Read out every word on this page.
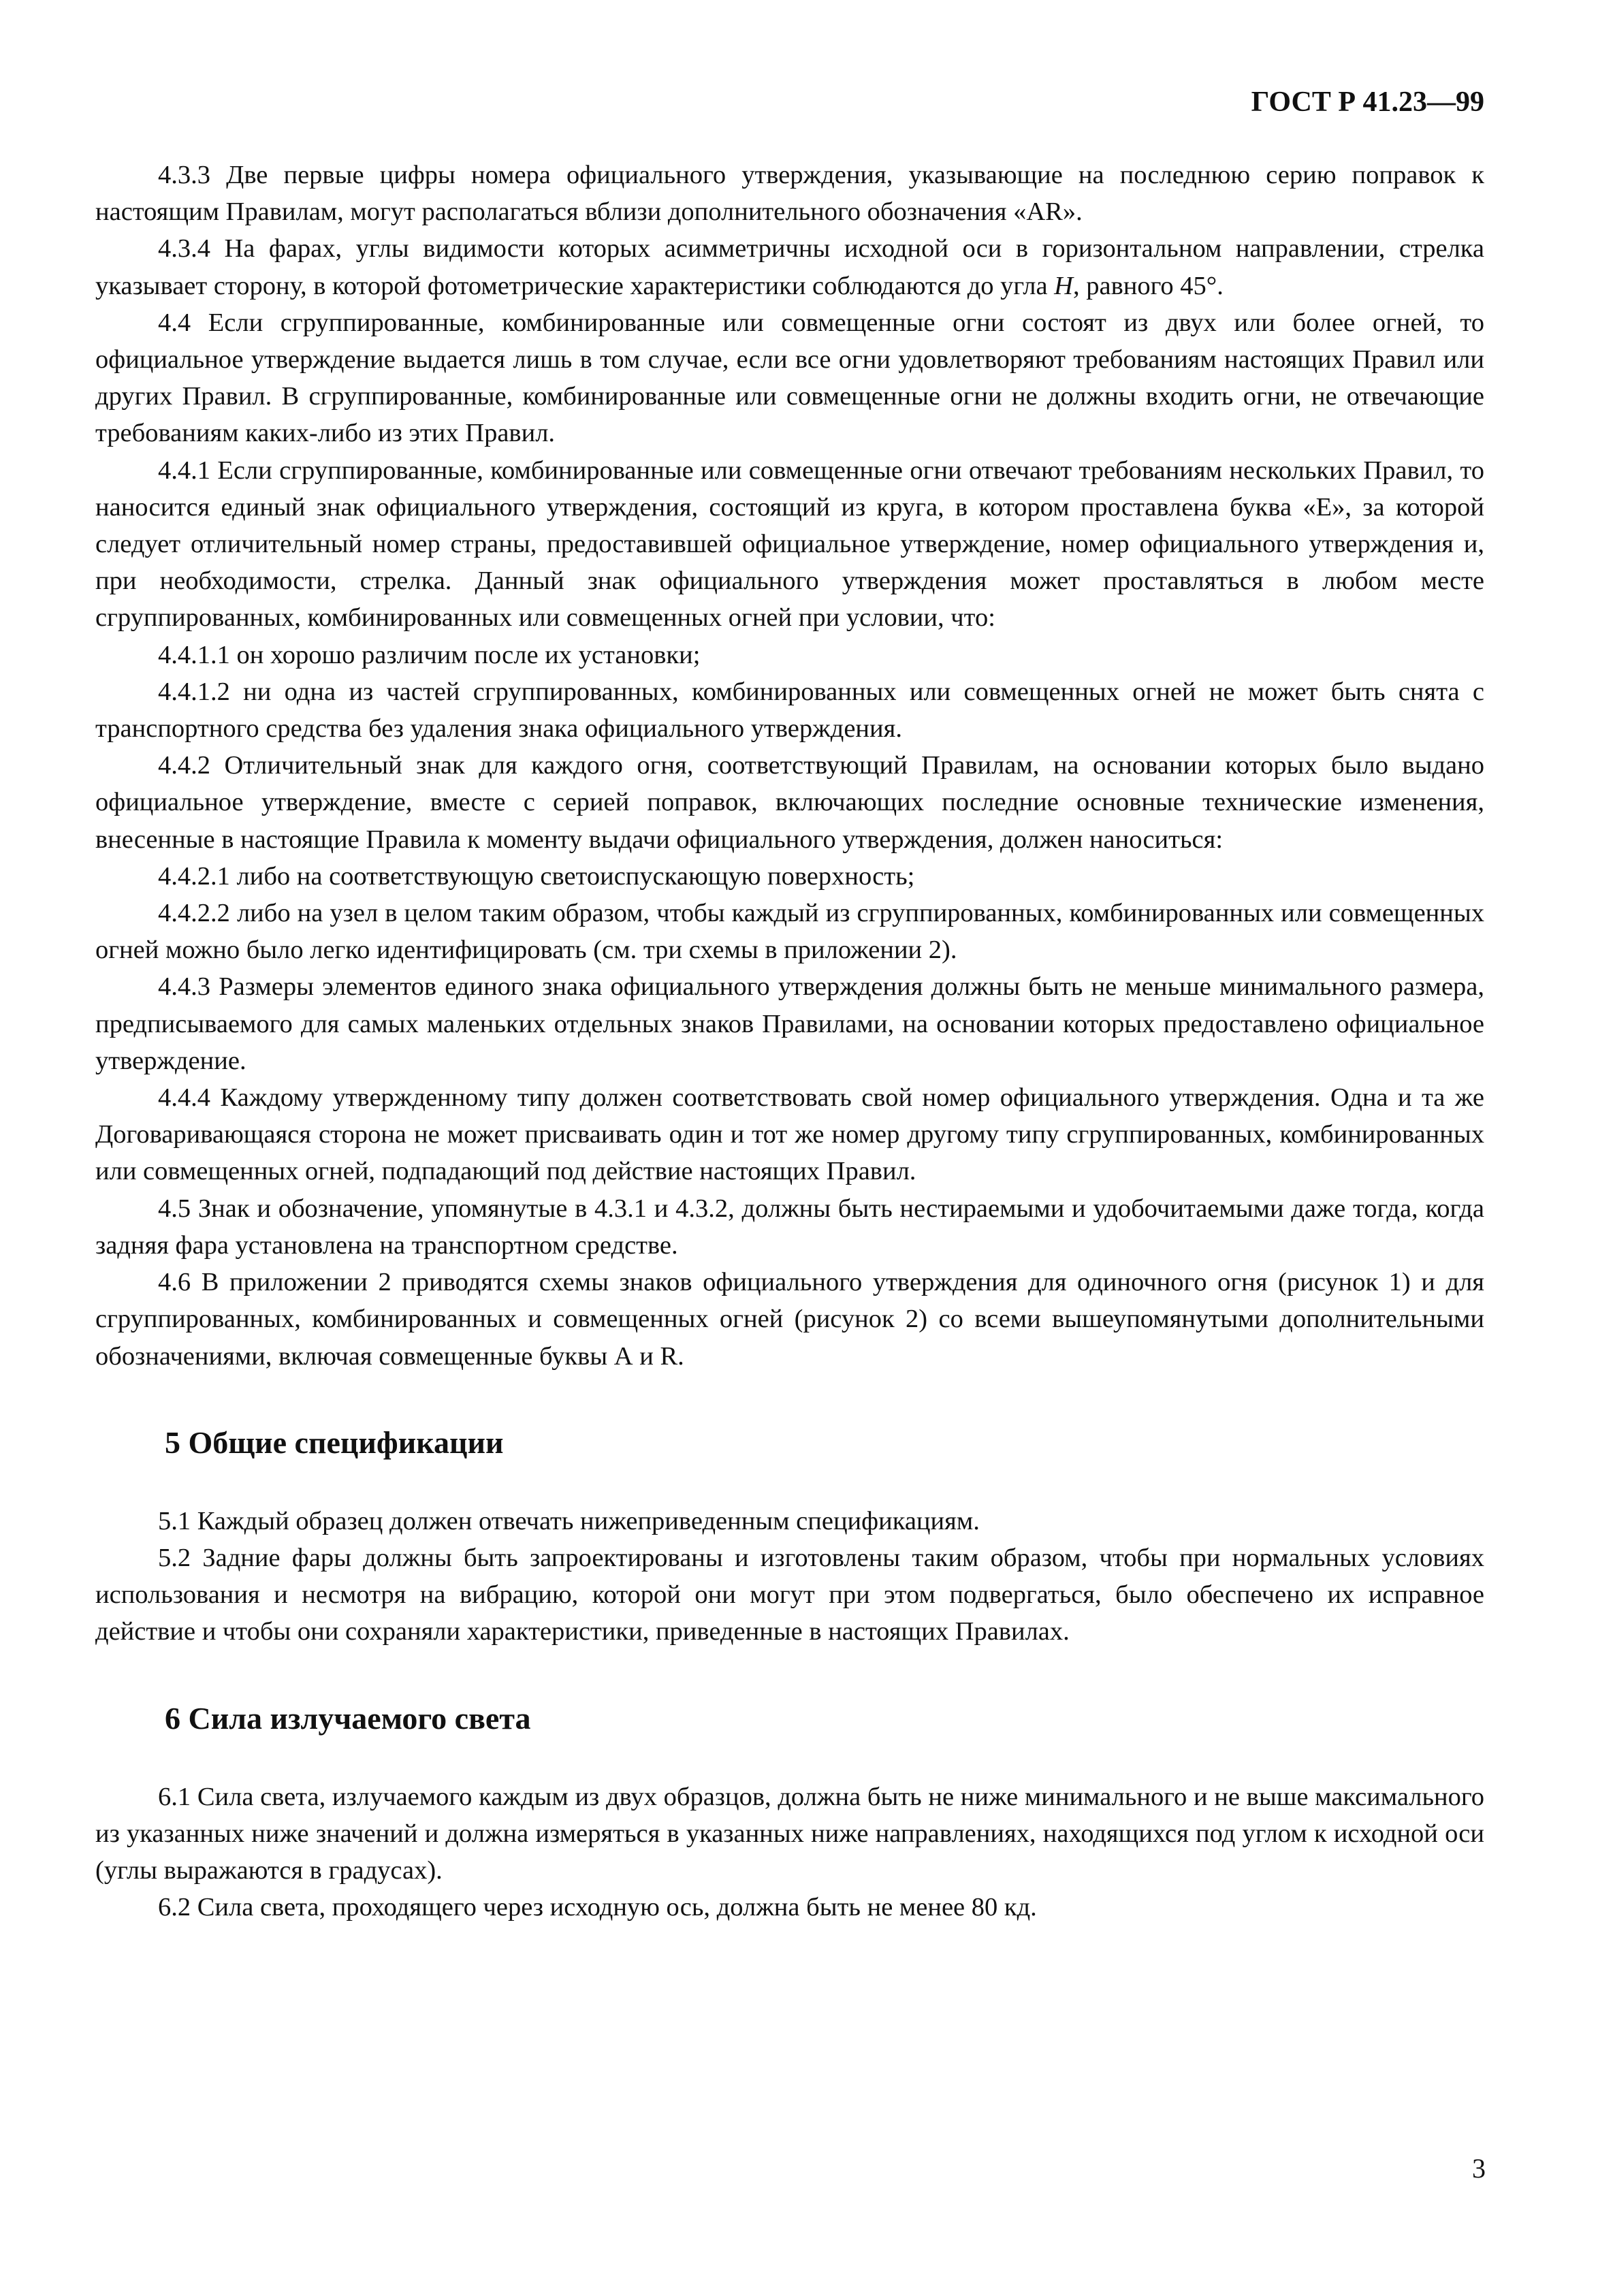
ГОСТ Р 41.23—99

4.3.3 Две первые цифры номера официального утверждения, указывающие на последнюю серию поправок к настоящим Правилам, могут располагаться вблизи дополнительного обозначения «AR».

4.3.4 На фарах, углы видимости которых асимметричны исходной оси в горизонтальном направлении, стрелка указывает сторону, в которой фотометрические характеристики соблюдаются до угла H, равного 45°.

4.4 Если сгруппированные, комбинированные или совмещенные огни состоят из двух или более огней, то официальное утверждение выдается лишь в том случае, если все огни удовлетворяют требованиям настоящих Правил или других Правил. В сгруппированные, комбинированные или совмещенные огни не должны входить огни, не отвечающие требованиям каких-либо из этих Правил.

4.4.1 Если сгруппированные, комбинированные или совмещенные огни отвечают требованиям нескольких Правил, то наносится единый знак официального утверждения, состоящий из круга, в котором проставлена буква «Е», за которой следует отличительный номер страны, предоставившей официальное утверждение, номер официального утверждения и, при необходимости, стрелка. Данный знак официального утверждения может проставляться в любом месте сгруппированных, комбинированных или совмещенных огней при условии, что:

4.4.1.1 он хорошо различим после их установки;

4.4.1.2 ни одна из частей сгруппированных, комбинированных или совмещенных огней не может быть снята с транспортного средства без удаления знака официального утверждения.

4.4.2 Отличительный знак для каждого огня, соответствующий Правилам, на основании которых было выдано официальное утверждение, вместе с серией поправок, включающих последние основные технические изменения, внесенные в настоящие Правила к моменту выдачи официального утверждения, должен наноситься:

4.4.2.1 либо на соответствующую светоиспускающую поверхность;

4.4.2.2 либо на узел в целом таким образом, чтобы каждый из сгруппированных, комбинированных или совмещенных огней можно было легко идентифицировать (см. три схемы в приложении 2).

4.4.3 Размеры элементов единого знака официального утверждения должны быть не меньше минимального размера, предписываемого для самых маленьких отдельных знаков Правилами, на основании которых предоставлено официальное утверждение.

4.4.4 Каждому утвержденному типу должен соответствовать свой номер официального утверждения. Одна и та же Договаривающаяся сторона не может присваивать один и тот же номер другому типу сгруппированных, комбинированных или совмещенных огней, подпадающий под действие настоящих Правил.

4.5 Знак и обозначение, упомянутые в 4.3.1 и 4.3.2, должны быть нестираемыми и удобочитаемыми даже тогда, когда задняя фара установлена на транспортном средстве.

4.6 В приложении 2 приводятся схемы знаков официального утверждения для одиночного огня (рисунок 1) и для сгруппированных, комбинированных и совмещенных огней (рисунок 2) со всеми вышеупомянутыми дополнительными обозначениями, включая совмещенные буквы А и R.

5 Общие спецификации

5.1 Каждый образец должен отвечать нижеприведенным спецификациям.

5.2 Задние фары должны быть запроектированы и изготовлены таким образом, чтобы при нормальных условиях использования и несмотря на вибрацию, которой они могут при этом подвергаться, было обеспечено их исправное действие и чтобы они сохраняли характеристики, приведенные в настоящих Правилах.

6 Сила излучаемого света

6.1 Сила света, излучаемого каждым из двух образцов, должна быть не ниже минимального и не выше максимального из указанных ниже значений и должна измеряться в указанных ниже направлениях, находящихся под углом к исходной оси (углы выражаются в градусах).

6.2 Сила света, проходящего через исходную ось, должна быть не менее 80 кд.

3
